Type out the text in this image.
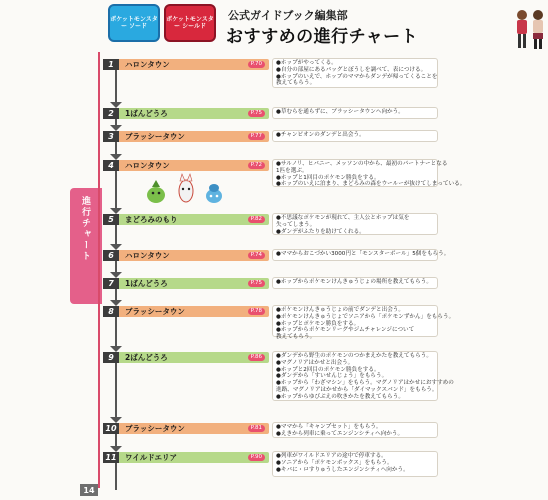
ポケットモンスター ソード
ポケットモンスター シールド
公式ガイドブック編集部
おすすめの進行チャート
進行チャート
1	ハロンタウン	P.70	●ホップがやってくる。
●自分の部屋にあるバッグとぼうしを調べて、表につける。
●ホップのいえで、ホップのママからダンデが帰ってくることを
教えてもらう。
2	1ばんどうろ	P.75	●草むらを通らずに、ブラッシータウンへ向かう。
3	ブラッシータウン	P.77	●チャンピオンのダンデと出会う。
4	ハロンタウン	P.72	●サルノリ、ヒバニー、メッソンの中から、最初のパートナーとなる
1匹を選ぶ。
●ホップと1回目のポケモン勝負をする。
●ホップのいえに泊まり、まどろみの森をウールーが抜けてしまっている。
5	まどろみのもり	P.82	●不思議なポケモンが現れて、主人公とホップは気を
失ってしまう。
●ダンデがふたりを助けてくれる。
6	ハロンタウン	P.74	●ママからおこづかい3000円と「モンスターボール」5個をもらう。
7	1ばんどうろ	P.75	●ホップからポケモンけんきゅうじょの場所を教えてもらう。
8	ブラッシータウン	P.78	●ポケモンけんきゅうじょの前でダンデと出会う。
●ポケモンけんきゅうじょでソニアから「ポケモンずかん」をもらう。
●ホップとポケモン勝負をする。
●ホップからポケモンリーグやジムチャレンジについて
教えてもらう。
9	2ばんどうろ	P.86	●ダンデから野生のポケモンのつかまえかたを教えてもらう。
●マグノリアはかせと出会う。
●ホップと2回目のポケモン勝負をする。
●ダンデから「すいせんじょう」をもらう。
●ホップから「わざマシン」をもらう。マグノリアはかせにおすすめの
進路、マグノリアはかせから「ダイマックスバンド」をもらう。
●ホップからゆびぶえの吹きかたを教えてもらう。
10	ブラッシータウン	P.81	●ママから「キャンプセット」をもらう。
●えきから列車に乗ってエンジンシティへ向かう。
11	ワイルドエリア	P.90	●列車がワイルドエリアの途中で停車する。
●ソニアから「ポケモンボックス」をもらう。
●キバに・ロすりゅうしたエンジンシティへ向かう。
14
